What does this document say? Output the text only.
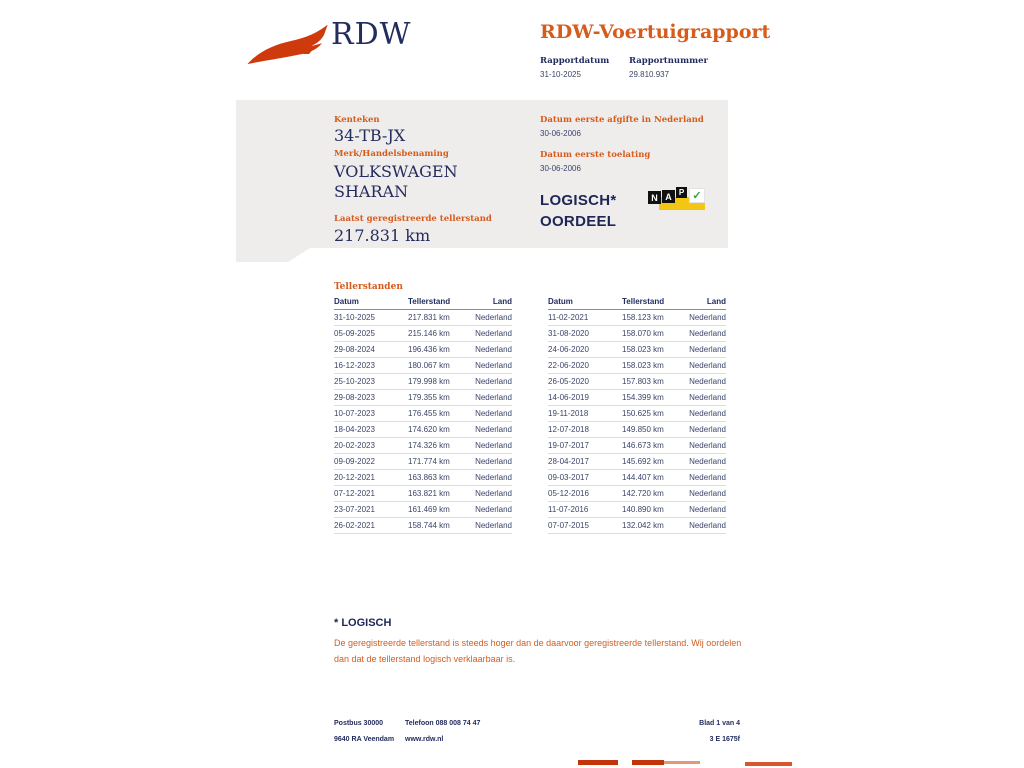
RDW	RDW-Voertuigrapport
Rapportdatum
31-10-2025
Rapportnummer
29.810.937
Kenteken
34-TB-JX
Merk/Handelsbenaming
VOLKSWAGEN
SHARAN
Laatst geregistreerde tellerstand
217.831 km
Datum eerste afgifte in Nederland
30-06-2006
Datum eerste toelating
30-06-2006
LOGISCH*
OORDEEL
N A P ✓
Tellerstanden
Datum	Tellerstand	Land
31-10-2025	217.831 km	Nederland
05-09-2025	215.146 km	Nederland
29-08-2024	196.436 km	Nederland
16-12-2023	180.067 km	Nederland
25-10-2023	179.998 km	Nederland
29-08-2023	179.355 km	Nederland
10-07-2023	176.455 km	Nederland
18-04-2023	174.620 km	Nederland
20-02-2023	174.326 km	Nederland
09-09-2022	171.774 km	Nederland
20-12-2021	163.863 km	Nederland
07-12-2021	163.821 km	Nederland
23-07-2021	161.469 km	Nederland
26-02-2021	158.744 km	Nederland
Datum	Tellerstand	Land
11-02-2021	158.123 km	Nederland
31-08-2020	158.070 km	Nederland
24-06-2020	158.023 km	Nederland
22-06-2020	158.023 km	Nederland
26-05-2020	157.803 km	Nederland
14-06-2019	154.399 km	Nederland
19-11-2018	150.625 km	Nederland
12-07-2018	149.850 km	Nederland
19-07-2017	146.673 km	Nederland
28-04-2017	145.692 km	Nederland
09-03-2017	144.407 km	Nederland
05-12-2016	142.720 km	Nederland
11-07-2016	140.890 km	Nederland
07-07-2015	132.042 km	Nederland
* LOGISCH
De geregistreerde tellerstand is steeds hoger dan de daarvoor geregistreerde tellerstand. Wij oordelen dan dat de tellerstand logisch verklaarbaar is.
Postbus 30000
9640 RA Veendam
Telefoon 088 008 74 47
www.rdw.nl
Blad 1 van 4
3 E 1675f
